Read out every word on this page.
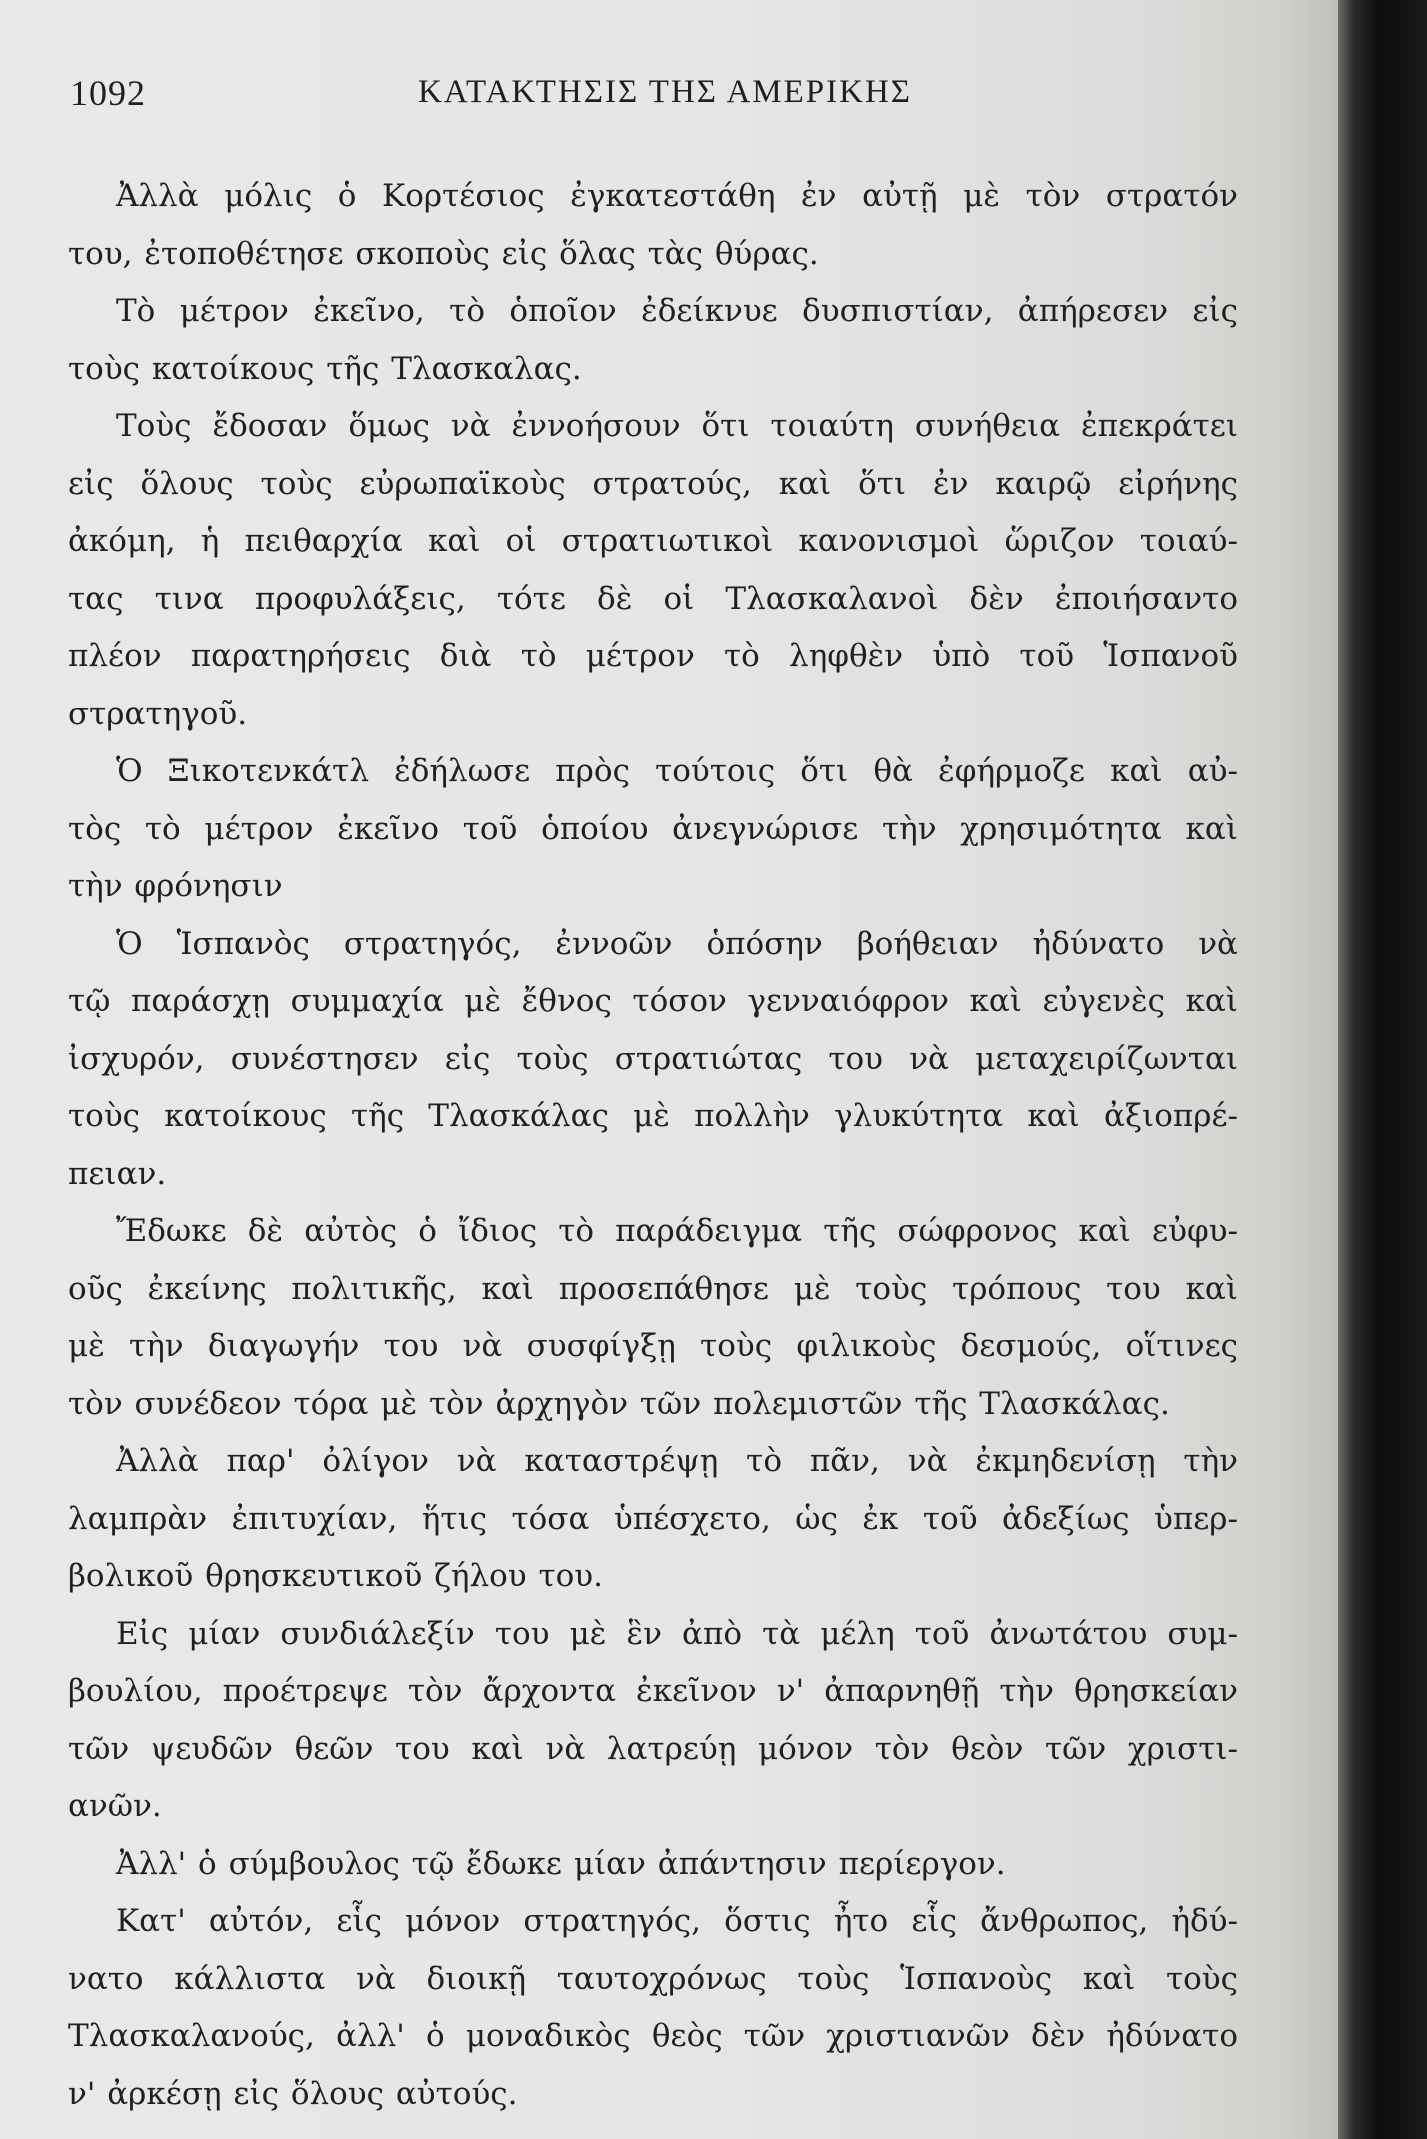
1092	ΚΑΤΑΚΤΗΣΙΣ ΤΗΣ ΑΜΕΡΙΚΗΣ
Ἀλλὰ μόλις ὁ Κορτέσιος ἐγκατεστάθη ἐν αὐτῇ μὲ τὸν στρατόν
του, ἐτοποθέτησε σκοποὺς εἰς ὅλας τὰς θύρας.
Τὸ μέτρον ἐκεῖνο, τὸ ὁποῖον ἐδείκνυε δυσπιστίαν, ἀπήρεσεν εἰς
τοὺς κατοίκους τῆς Τλασκαλας.
Τοὺς ἔδοσαν ὅμως νὰ ἐννοήσουν ὅτι τοιαύτη συνήθεια ἐπεκράτει
εἰς ὅλους τοὺς εὐρωπαϊκοὺς στρατούς, καὶ ὅτι ἐν καιρῷ εἰρήνης
ἀκόμη, ἡ πειθαρχία καὶ οἱ στρατιωτικοὶ κανονισμοὶ ὥριζον τοιαύ-
τας τινα προφυλάξεις, τότε δὲ οἱ Τλασκαλανοὶ δὲν ἐποιήσαντο
πλέον παρατηρήσεις διὰ τὸ μέτρον τὸ ληφθὲν ὑπὸ τοῦ Ἱσπανοῦ
στρατηγοῦ.
Ὁ Ξικοτενκάτλ ἐδήλωσε πρὸς τούτοις ὅτι θὰ ἐφήρμοζε καὶ αὐ-
τὸς τὸ μέτρον ἐκεῖνο τοῦ ὁποίου ἀνεγνώρισε τὴν χρησιμότητα καὶ
τὴν φρόνησιν
Ὁ Ἱσπανὸς στρατηγός, ἐννοῶν ὁπόσην βοήθειαν ἠδύνατο νὰ
τῷ παράσχῃ συμμαχία μὲ ἔθνος τόσον γενναιόφρον καὶ εὐγενὲς καὶ
ἰσχυρόν, συνέστησεν εἰς τοὺς στρατιώτας του νὰ μεταχειρίζωνται
τοὺς κατοίκους τῆς Τλασκάλας μὲ πολλὴν γλυκύτητα καὶ ἀξιοπρέ-
πειαν.
Ἔδωκε δὲ αὐτὸς ὁ ἴδιος τὸ παράδειγμα τῆς σώφρονος καὶ εὐφυ-
οῦς ἐκείνης πολιτικῆς, καὶ προσεπάθησε μὲ τοὺς τρόπους του καὶ
μὲ τὴν διαγωγήν του νὰ συσφίγξῃ τοὺς φιλικοὺς δεσμούς, οἵτινες
τὸν συνέδεον τόρα μὲ τὸν ἀρχηγὸν τῶν πολεμιστῶν τῆς Τλασκάλας.
Ἀλλὰ παρ' ὀλίγον νὰ καταστρέψῃ τὸ πᾶν, νὰ ἐκμηδενίσῃ τὴν
λαμπρὰν ἐπιτυχίαν, ἥτις τόσα ὑπέσχετο, ὡς ἐκ τοῦ ἀδεξίως ὑπερ-
βολικοῦ θρησκευτικοῦ ζήλου του.
Εἰς μίαν συνδιάλεξίν του μὲ ἓν ἀπὸ τὰ μέλη τοῦ ἀνωτάτου συμ-
βουλίου, προέτρεψε τὸν ἄρχοντα ἐκεῖνον ν' ἀπαρνηθῇ τὴν θρησκείαν
τῶν ψευδῶν θεῶν του καὶ νὰ λατρεύῃ μόνον τὸν θεὸν τῶν χριστι-
ανῶν.
Ἀλλ' ὁ σύμβουλος τῷ ἔδωκε μίαν ἀπάντησιν περίεργον.
Κατ' αὐτόν, εἷς μόνον στρατηγός, ὅστις ἦτο εἷς ἄνθρωπος, ἠδύ-
νατο κάλλιστα νὰ διοικῇ ταυτοχρόνως τοὺς Ἱσπανοὺς καὶ τοὺς
Τλασκαλανούς, ἀλλ' ὁ μοναδικὸς θεὸς τῶν χριστιανῶν δὲν ἠδύνατο
ν' ἀρκέσῃ εἰς ὅλους αὐτούς.
